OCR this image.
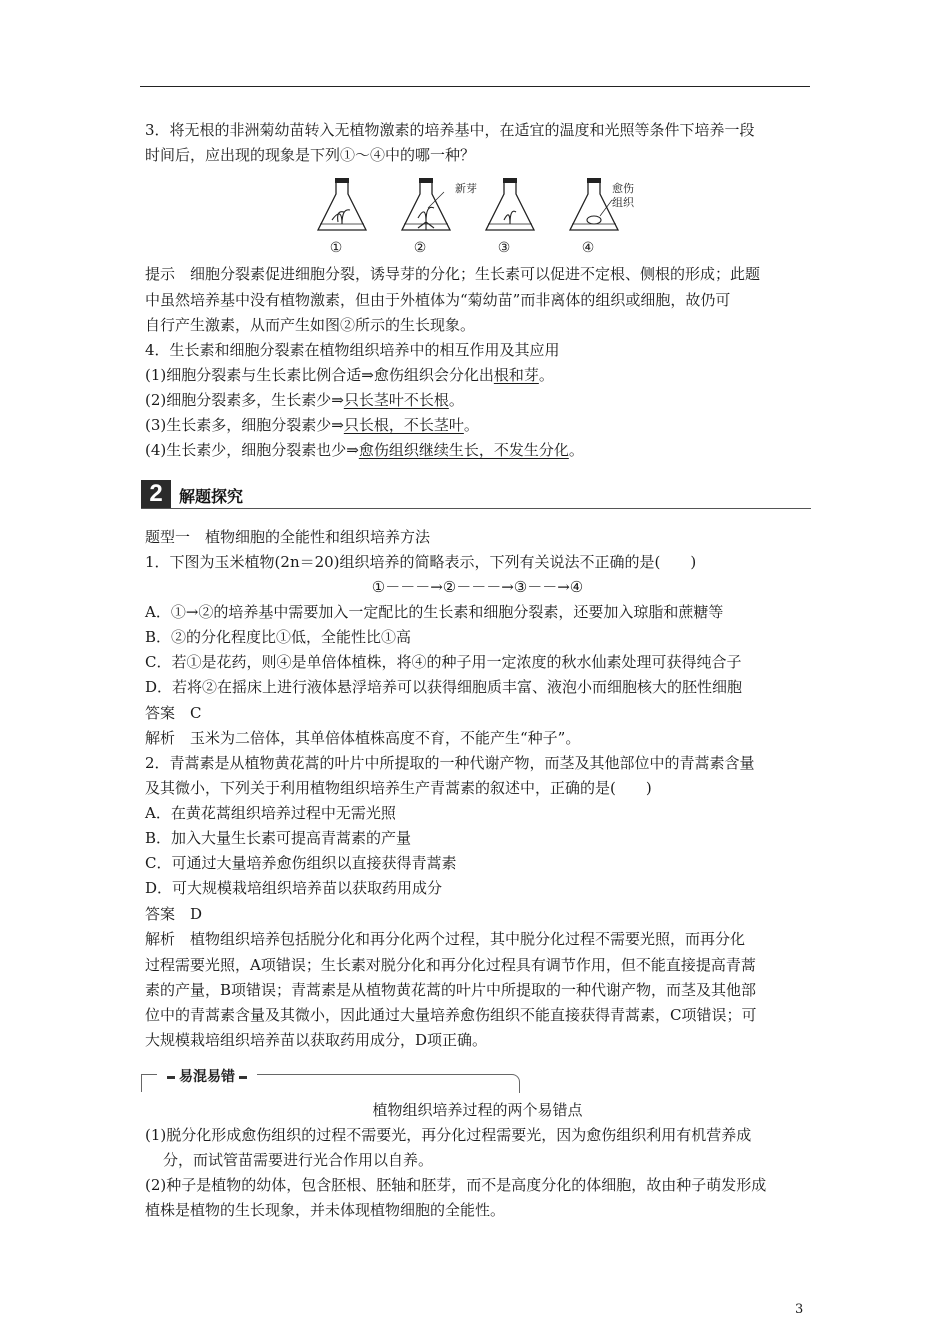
3．将无根的非洲菊幼苗转入无植物激素的培养基中，在适宜的温度和光照等条件下培养一段
时间后，应出现的现象是下列①～④中的哪一种？
新芽	愈伤
组织
①	②	③	④
提示　细胞分裂素促进细胞分裂，诱导芽的分化；生长素可以促进不定根、侧根的形成；此题
中虽然培养基中没有植物激素，但由于外植体为“菊幼苗”而非离体的组织或细胞，故仍可
自行产生激素，从而产生如图②所示的生长现象。
4．生长素和细胞分裂素在植物组织培养中的相互作用及其应用
(1)细胞分裂素与生长素比例合适⇒愈伤组织会分化出根和芽。
(2)细胞分裂素多，生长素少⇒只长茎叶不长根。
(3)生长素多，细胞分裂素少⇒只长根，不长茎叶。
(4)生长素少，细胞分裂素也少⇒愈伤组织继续生长，不发生分化。
2	解题探究
题型一　植物细胞的全能性和组织培养方法
1．下图为玉米植物(2n＝20)组织培养的简略表示，下列有关说法不正确的是(　　)
①－－－→②－－－→③－－→④
A．①→②的培养基中需要加入一定配比的生长素和细胞分裂素，还要加入琼脂和蔗糖等
B．②的分化程度比①低，全能性比①高
C．若①是花药，则④是单倍体植株，将④的种子用一定浓度的秋水仙素处理可获得纯合子
D．若将②在摇床上进行液体悬浮培养可以获得细胞质丰富、液泡小而细胞核大的胚性细胞
答案　C
解析　玉米为二倍体，其单倍体植株高度不育，不能产生“种子”。
2．青蒿素是从植物黄花蒿的叶片中所提取的一种代谢产物，而茎及其他部位中的青蒿素含量
及其微小，下列关于利用植物组织培养生产青蒿素的叙述中，正确的是(　　)
A．在黄花蒿组织培养过程中无需光照
B．加入大量生长素可提高青蒿素的产量
C．可通过大量培养愈伤组织以直接获得青蒿素
D．可大规模栽培组织培养苗以获取药用成分
答案　D
解析　植物组织培养包括脱分化和再分化两个过程，其中脱分化过程不需要光照，而再分化
过程需要光照，A项错误；生长素对脱分化和再分化过程具有调节作用，但不能直接提高青蒿
素的产量，B项错误；青蒿素是从植物黄花蒿的叶片中所提取的一种代谢产物，而茎及其他部
位中的青蒿素含量及其微小，因此通过大量培养愈伤组织不能直接获得青蒿素，C项错误；可
大规模栽培组织培养苗以获取药用成分，D项正确。
易混易错
植物组织培养过程的两个易错点
(1)脱分化形成愈伤组织的过程不需要光，再分化过程需要光，因为愈伤组织利用有机营养成
分，而试管苗需要进行光合作用以自养。
(2)种子是植物的幼体，包含胚根、胚轴和胚芽，而不是高度分化的体细胞，故由种子萌发形成
植株是植物的生长现象，并未体现植物细胞的全能性。
3
